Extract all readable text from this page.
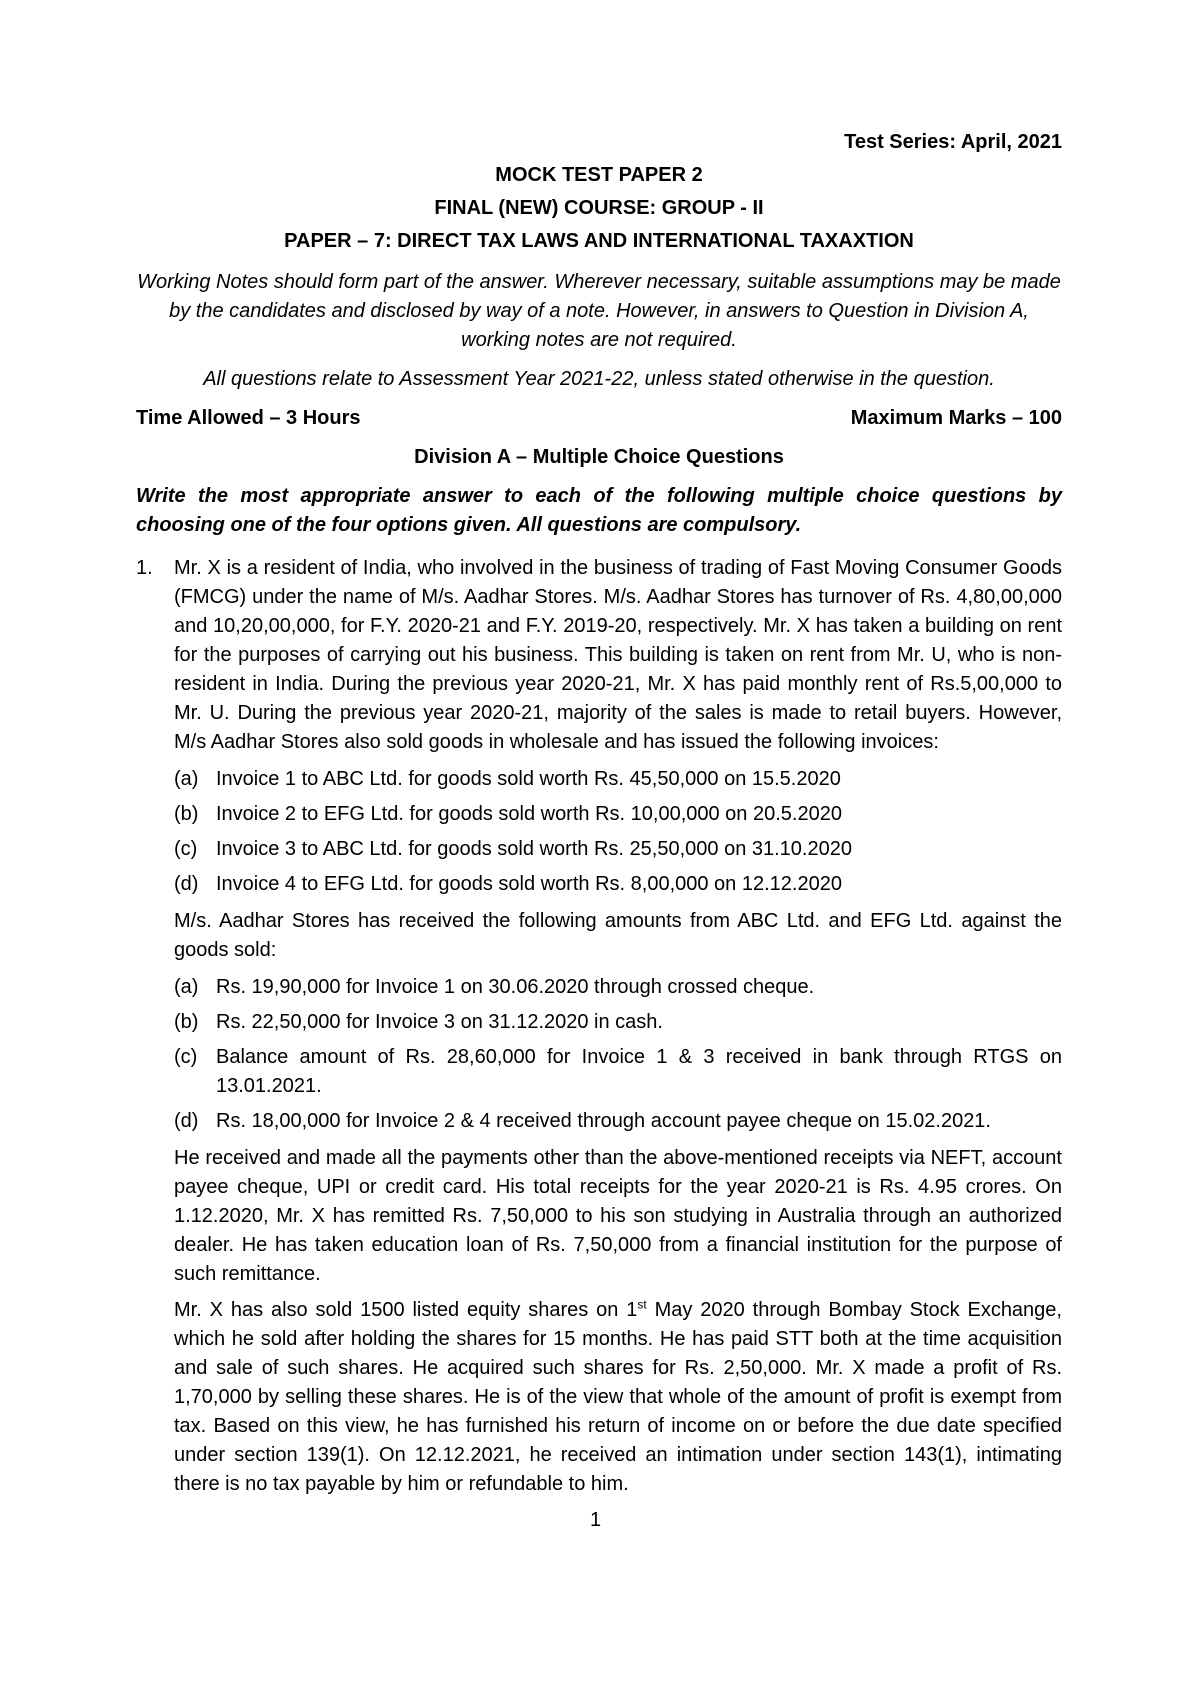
Test Series: April, 2021
MOCK TEST PAPER 2
FINAL (NEW) COURSE: GROUP - II
PAPER – 7: DIRECT TAX LAWS AND INTERNATIONAL TAXAXTION

Working Notes should form part of the answer. Wherever necessary, suitable assumptions may be made by the candidates and disclosed by way of a note. However, in answers to Question in Division A, working notes are not required.

All questions relate to Assessment Year 2021-22, unless stated otherwise in the question.

Time Allowed – 3 Hours	Maximum Marks – 100
Division A – Multiple Choice Questions

Write the most appropriate answer to each of the following multiple choice questions by choosing one of the four options given. All questions are compulsory.

1.	Mr. X is a resident of India, who involved in the business of trading of Fast Moving Consumer Goods (FMCG) under the name of M/s. Aadhar Stores. M/s. Aadhar Stores has turnover of Rs. 4,80,00,000 and 10,20,00,000, for F.Y. 2020-21 and F.Y. 2019-20, respectively. Mr. X has taken a building on rent for the purposes of carrying out his business. This building is taken on rent from Mr. U, who is non-resident in India. During the previous year 2020-21, Mr. X has paid monthly rent of Rs.5,00,000 to Mr. U. During the previous year 2020-21, majority of the sales is made to retail buyers. However, M/s Aadhar Stores also sold goods in wholesale and has issued the following invoices:

(a) Invoice 1 to ABC Ltd. for goods sold worth Rs. 45,50,000 on 15.5.2020
(b) Invoice 2 to EFG Ltd. for goods sold worth Rs. 10,00,000 on 20.5.2020
(c) Invoice 3 to ABC Ltd. for goods sold worth Rs. 25,50,000 on 31.10.2020
(d) Invoice 4 to EFG Ltd. for goods sold worth Rs. 8,00,000 on 12.12.2020

M/s. Aadhar Stores has received the following amounts from ABC Ltd. and EFG Ltd. against the goods sold:

(a) Rs. 19,90,000 for Invoice 1 on 30.06.2020 through crossed cheque.
(b) Rs. 22,50,000 for Invoice 3 on 31.12.2020 in cash.
(c) Balance amount of Rs. 28,60,000 for Invoice 1 & 3 received in bank through RTGS on 13.01.2021.
(d) Rs. 18,00,000 for Invoice 2 & 4 received through account payee cheque on 15.02.2021.

He received and made all the payments other than the above-mentioned receipts via NEFT, account payee cheque, UPI or credit card. His total receipts for the year 2020-21 is Rs. 4.95 crores. On 1.12.2020, Mr. X has remitted Rs. 7,50,000 to his son studying in Australia through an authorized dealer. He has taken education loan of Rs. 7,50,000 from a financial institution for the purpose of such remittance.

Mr. X has also sold 1500 listed equity shares on 1st May 2020 through Bombay Stock Exchange, which he sold after holding the shares for 15 months. He has paid STT both at the time acquisition and sale of such shares. He acquired such shares for Rs. 2,50,000. Mr. X made a profit of Rs. 1,70,000 by selling these shares. He is of the view that whole of the amount of profit is exempt from tax. Based on this view, he has furnished his return of income on or before the due date specified under section 139(1). On 12.12.2021, he received an intimation under section 143(1), intimating there is no tax payable by him or refundable to him.

1
